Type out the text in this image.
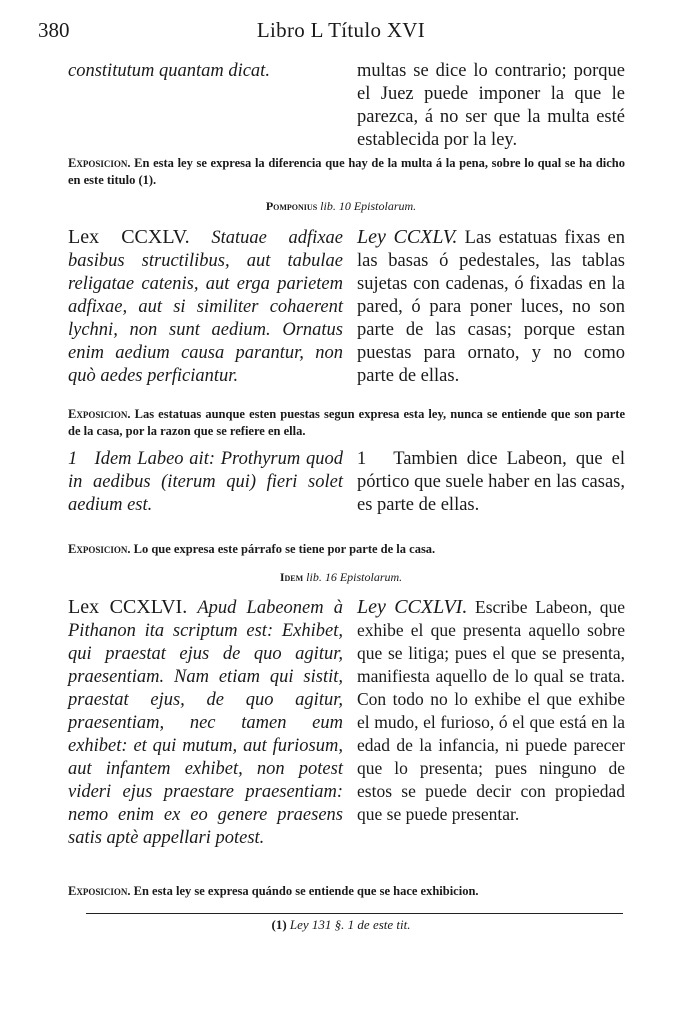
380	Libro L Título XVI
constitutum quantam dicat.	multas se dice lo contrario; porque el Juez puede imponer la que le parezca, á no ser que la multa esté establecida por la ley.
Exposicion. En esta ley se expresa la diferencia que hay de la multa á la pena, sobre lo qual se ha dicho en este titulo (1).
Pomponius lib. 10 Epistolarum.
Lex CCXLV. Statuae adfixae basibus structilibus, aut tabulae religatae catenis, aut erga parietem adfixae, aut si similiter cohaerent lychni, non sunt aedium. Ornatus enim aedium causa parantur, non quò aedes perficiantur.
Ley CCXLV. Las estatuas fixas en las basas ó pedestales, las tablas sujetas con cadenas, ó fixadas en la pared, ó para poner luces, no son parte de las casas; porque estan puestas para ornato, y no como parte de ellas.
Exposicion. Las estatuas aunque esten puestas segun expresa esta ley, nunca se entiende que son parte de la casa, por la razon que se refiere en ella.
1 Idem Labeo ait: Prothyrum quod in aedibus (iterum qui) fieri solet aedium est.
1 Tambien dice Labeon, que el pórtico que suele haber en las casas, es parte de ellas.
Exposicion. Lo que expresa este párrafo se tiene por parte de la casa.
Idem lib. 16 Epistolarum.
Lex CCXLVI. Apud Labeonem à Pithanon ita scriptum est: Exhibet, qui praestat ejus de quo agitur, praesentiam. Nam etiam qui sistit, praestat ejus, de quo agitur, praesentiam, nec tamen eum exhibet: et qui mutum, aut furiosum, aut infantem exhibet, non potest videri ejus praestare praesentiam: nemo enim ex eo genere praesens satis aptè appellari potest.
Ley CCXLVI. Escribe Labeon, que exhibe el que presenta aquello sobre que se litiga; pues el que se presenta, manifiesta aquello de lo qual se trata. Con todo no lo exhibe el que exhibe el mudo, el furioso, ó el que está en la edad de la infancia, ni puede parecer que lo presenta; pues ninguno de estos se puede decir con propiedad que se puede presentar.
Exposicion. En esta ley se expresa quándo se entiende que se hace exhibicion.
(1) Ley 131 §. 1 de este tit.
